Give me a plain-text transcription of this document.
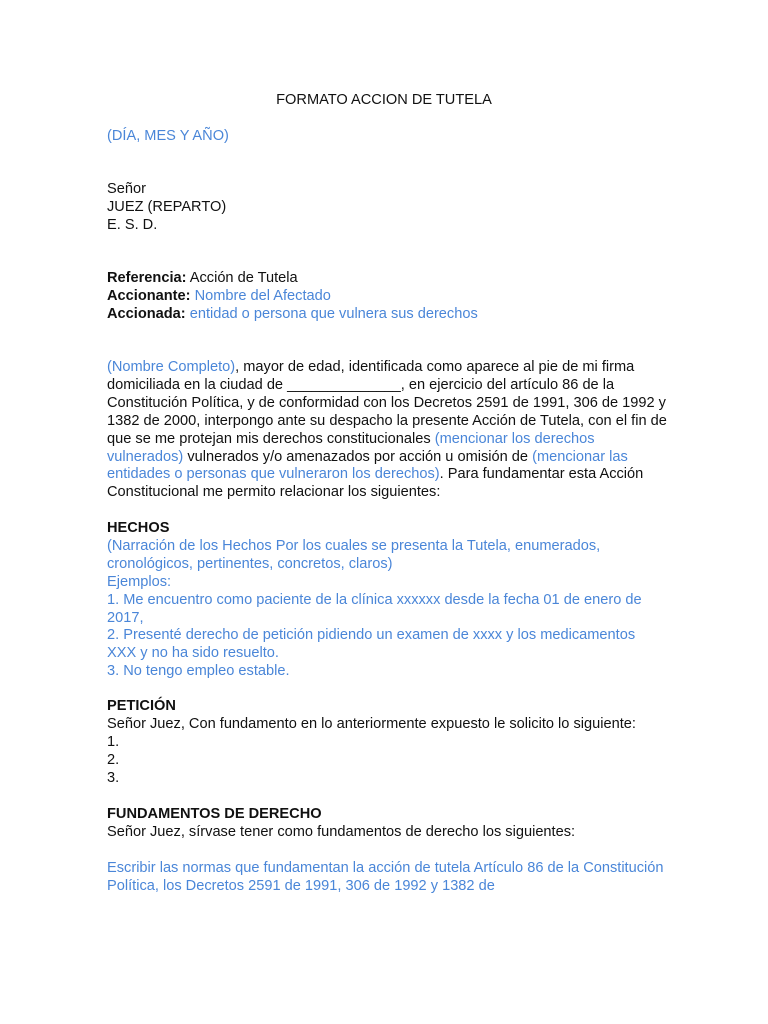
FORMATO ACCION DE TUTELA

(DÍA, MES Y AÑO)

Señor

JUEZ (REPARTO)

E. S. D.

Referencia: Acción de Tutela

Accionante: Nombre del Afectado

Accionada: entidad o persona que vulnera sus derechos

(Nombre Completo), mayor de edad, identificada como aparece al pie de mi firma domiciliada en la ciudad de ______________, en ejercicio del artículo 86 de la Constitución Política, y de conformidad con los Decretos 2591 de 1991, 306 de 1992 y 1382 de 2000, interpongo ante su despacho la presente Acción de Tutela, con el fin de que se me protejan mis derechos constitucionales (mencionar los derechos vulnerados) vulnerados y/o amenazados por acción u omisión de (mencionar las entidades o personas que vulneraron los derechos). Para fundamentar esta Acción Constitucional me permito relacionar los siguientes:

HECHOS

(Narración de los Hechos Por los cuales se presenta la Tutela, enumerados, cronológicos, pertinentes, concretos, claros)

Ejemplos:

1. Me encuentro como paciente de la clínica xxxxxx desde la fecha 01 de enero de 2017,

2. Presenté derecho de petición pidiendo un examen de xxxx y los medicamentos XXX y no ha sido resuelto.

3. No tengo empleo estable.

PETICIÓN

Señor Juez, Con fundamento en lo anteriormente expuesto le solicito lo siguiente:

1.

2.

3.

FUNDAMENTOS DE DERECHO

Señor Juez, sírvase tener como fundamentos de derecho los siguientes:

Escribir las normas que fundamentan la acción de tutela Artículo 86 de la Constitución Política, los Decretos 2591 de 1991, 306 de 1992 y 1382 de
